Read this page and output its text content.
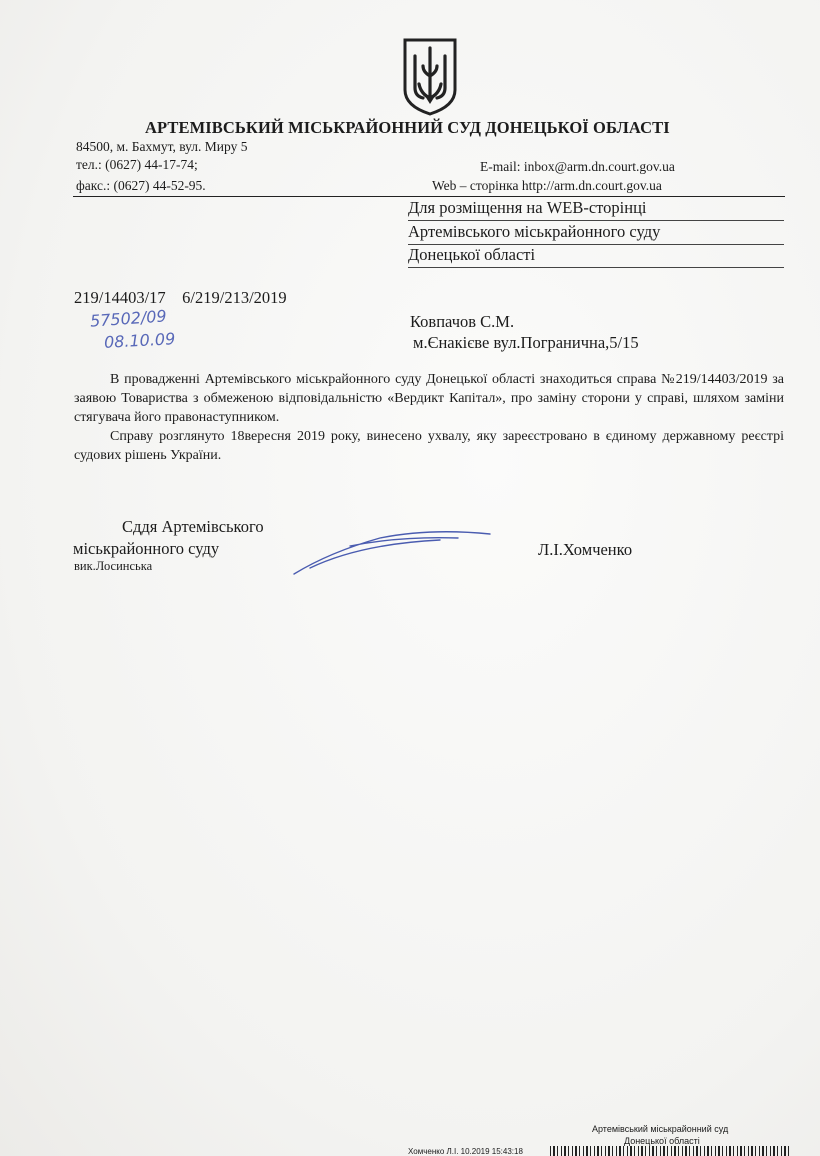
АРТЕМІВСЬКИЙ МІСЬКРАЙОННИЙ СУД ДОНЕЦЬКОЇ ОБЛАСТІ
84500, м. Бахмут, вул. Миру 5
тел.: (0627) 44-17-74;	E-mail: inbox@arm.dn.court.gov.ua
факс.: (0627) 44-52-95.	Web – сторінка http://arm.dn.court.gov.ua
Для розміщення на WEB-сторінці
Артемівського міськрайонного суду
Донецької області
219/14403/17    6/219/213/2019
57502/09
08.10.09
Ковпачов С.М.
м.Єнакієве вул.Погранична,5/15

В провадженні Артемівського міськрайонного суду Донецької області знаходиться справа №219/14403/2019 за заявою Товариства з обмеженою відповідальністю «Вердикт Капітал», про заміну сторони у справі, шляхом заміни стягувача його правонаступником.

Справу розглянуто 18вересня 2019 року, винесено ухвалу, яку зареєстровано в єдиному державному реєстрі судових рішень України.

Сддя Артемівського
міськрайонного суду
вик.Лосинська
Л.І.Хомченко
Артемівський міськрайонний суд
Донецької області
Хомченко Л.І. 10.2019 15:43:18
